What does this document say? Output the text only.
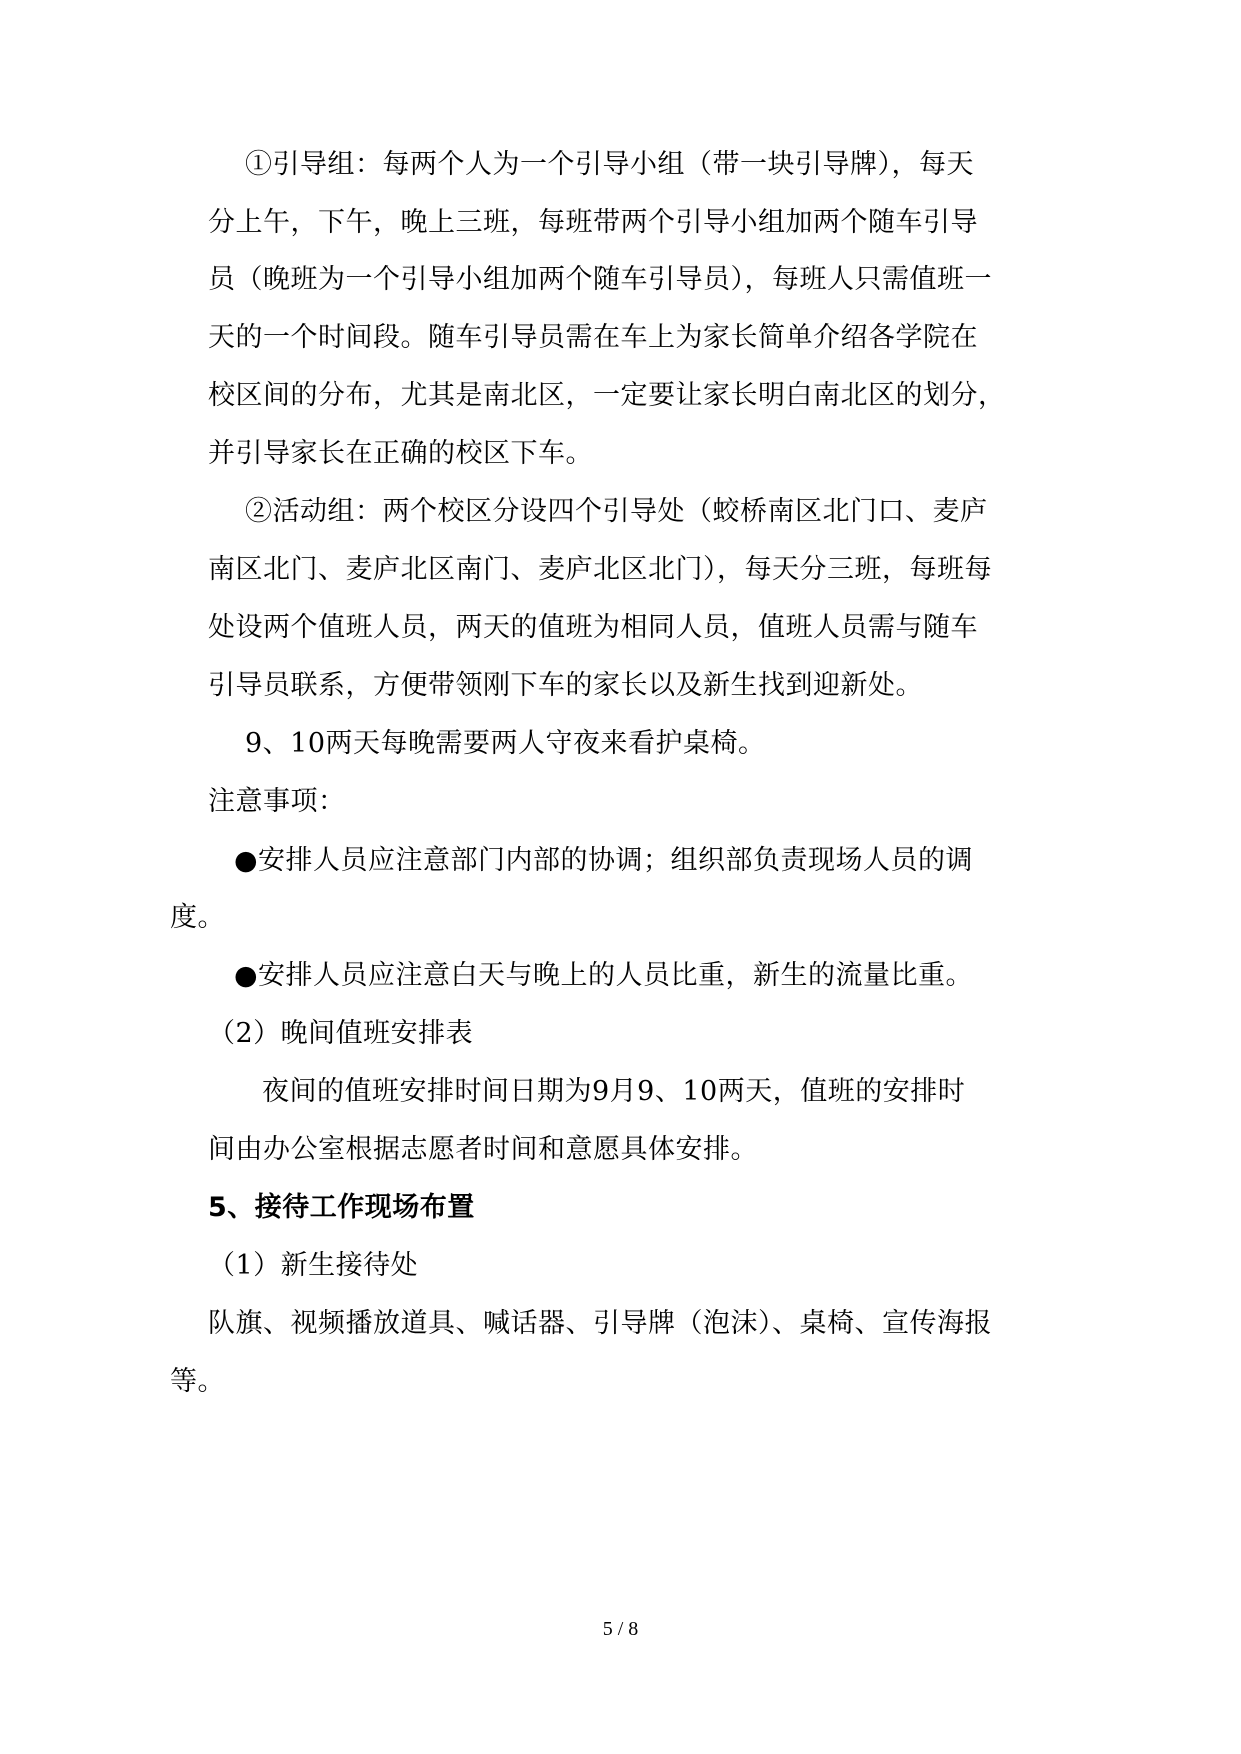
①引导组：每两个人为一个引导小组（带一块引导牌），每天
分上午，下午，晚上三班，每班带两个引导小组加两个随车引导
员（晚班为一个引导小组加两个随车引导员），每班人只需值班一
天的一个时间段。随车引导员需在车上为家长简单介绍各学院在
校区间的分布，尤其是南北区，一定要让家长明白南北区的划分，
并引导家长在正确的校区下车。
②活动组：两个校区分设四个引导处（蛟桥南区北门口、麦庐
南区北门、麦庐北区南门、麦庐北区北门），每天分三班，每班每
处设两个值班人员，两天的值班为相同人员，值班人员需与随车
引导员联系，方便带领刚下车的家长以及新生找到迎新处。
9、10两天每晚需要两人守夜来看护桌椅。
注意事项：
●安排人员应注意部门内部的协调；组织部负责现场人员的调
度。
●安排人员应注意白天与晚上的人员比重，新生的流量比重。
（2）晚间值班安排表
夜间的值班安排时间日期为9月9、10两天，值班的安排时
间由办公室根据志愿者时间和意愿具体安排。
5、接待工作现场布置
（1）新生接待处
队旗、视频播放道具、喊话器、引导牌（泡沫）、桌椅、宣传海报
等。
5 / 8
